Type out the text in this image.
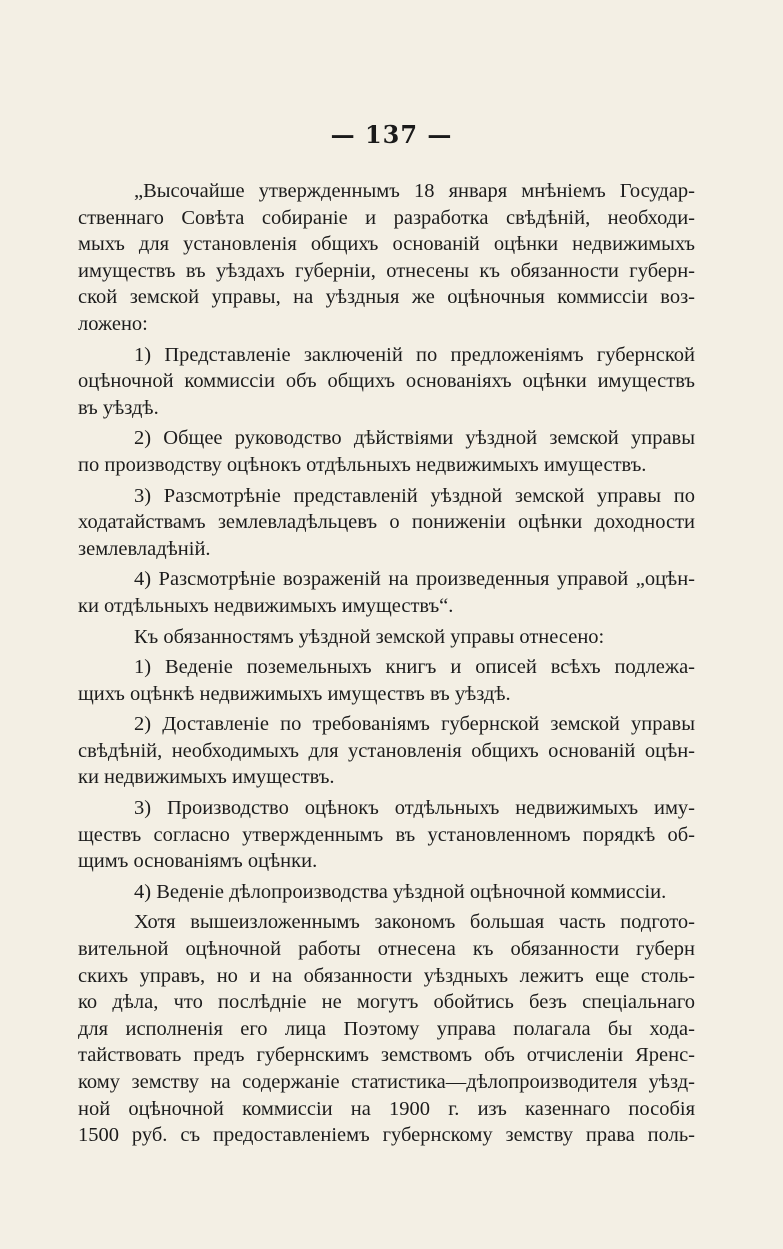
— 137 —
„Высочайше утвержденнымъ 18 января мнѣніемъ Государ-
ственнаго Совѣта собираніе и разработка свѣдѣній, необходи-
мыхъ для установленія общихъ основаній оцѣнки недвижимыхъ
имуществъ въ уѣздахъ губерніи, отнесены къ обязанности губерн-
ской земской управы, на уѣздныя же оцѣночныя коммиссіи воз-
ложено:
1) Представленіе заключеній по предложеніямъ губернской
оцѣночной коммиссіи объ общихъ основаніяхъ оцѣнки имуществъ
въ уѣздѣ.
2) Общее руководство дѣйствіями уѣздной земской управы
по производству оцѣнокъ отдѣльныхъ недвижимыхъ имуществъ.
3) Разсмотрѣніе представленій уѣздной земской управы по
ходатайствамъ землевладѣльцевъ о пониженіи оцѣнки доходности
землевладѣній.
4) Разсмотрѣніе возраженій на произведенныя управой „оцѣн-
ки отдѣльныхъ недвижимыхъ имуществъ“.
Къ обязанностямъ уѣздной земской управы отнесено:
1) Веденіе поземельныхъ книгъ и описей всѣхъ подлежа-
щихъ оцѣнкѣ недвижимыхъ имуществъ въ уѣздѣ.
2) Доставленіе по требованіямъ губернской земской управы
свѣдѣній, необходимыхъ для установленія общихъ основаній оцѣн-
ки недвижимыхъ имуществъ.
3) Производство оцѣнокъ отдѣльныхъ недвижимыхъ иму-
ществъ согласно утвержденнымъ въ установленномъ порядкѣ об-
щимъ основаніямъ оцѣнки.
4) Веденіе дѣлопроизводства уѣздной оцѣночной коммиссіи.
Хотя вышеизложеннымъ закономъ большая часть подгото-
вительной оцѣночной работы отнесена къ обязанности губерн
скихъ управъ, но и на обязанности уѣздныхъ лежитъ еще столь-
ко дѣла, что послѣдніе не могутъ обойтись безъ спеціальнаго
для исполненія его лица Поэтому управа полагала бы хода-
тайствовать предъ губернскимъ земствомъ объ отчисленіи Яренс-
кому земству на содержаніе статистика—дѣлопроизводителя уѣзд-
ной оцѣночной коммиссіи на 1900 г. изъ казеннаго пособія
1500 руб. съ предоставленіемъ губернскому земству права поль-
